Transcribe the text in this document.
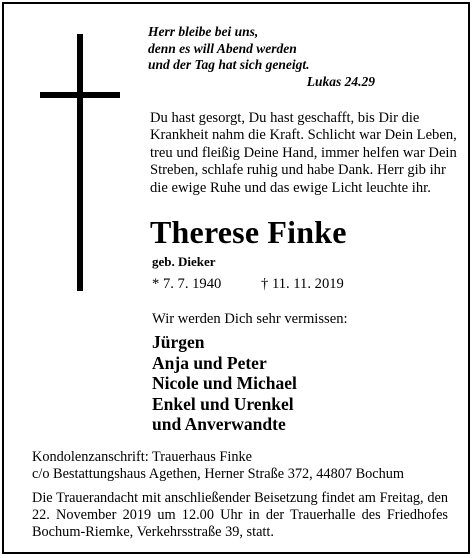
Herr bleibe bei uns,
denn es will Abend werden
und der Tag hat sich geneigt.
Lukas 24.29
Du hast gesorgt, Du hast geschafft, bis Dir die Krankheit nahm die Kraft. Schlicht war Dein Leben, treu und fleißig Deine Hand, immer helfen war Dein Streben, schlafe ruhig und habe Dank. Herr gib ihr die ewige Ruhe und das ewige Licht leuchte ihr.
Therese Finke
geb. Dieker
* 7. 7. 1940	† 11. 11. 2019
Wir werden Dich sehr vermissen:
Jürgen
Anja und Peter
Nicole und Michael
Enkel und Urenkel
und Anverwandte
Kondolenzanschrift: Trauerhaus Finke
c/o Bestattungshaus Agethen, Herner Straße 372, 44807 Bochum
Die Trauerandacht mit anschließender Beisetzung findet am Freitag, den 22. November 2019 um 12.00 Uhr in der Trauerhalle des Friedhofes Bochum-Riemke, Verkehrsstraße 39, statt.
